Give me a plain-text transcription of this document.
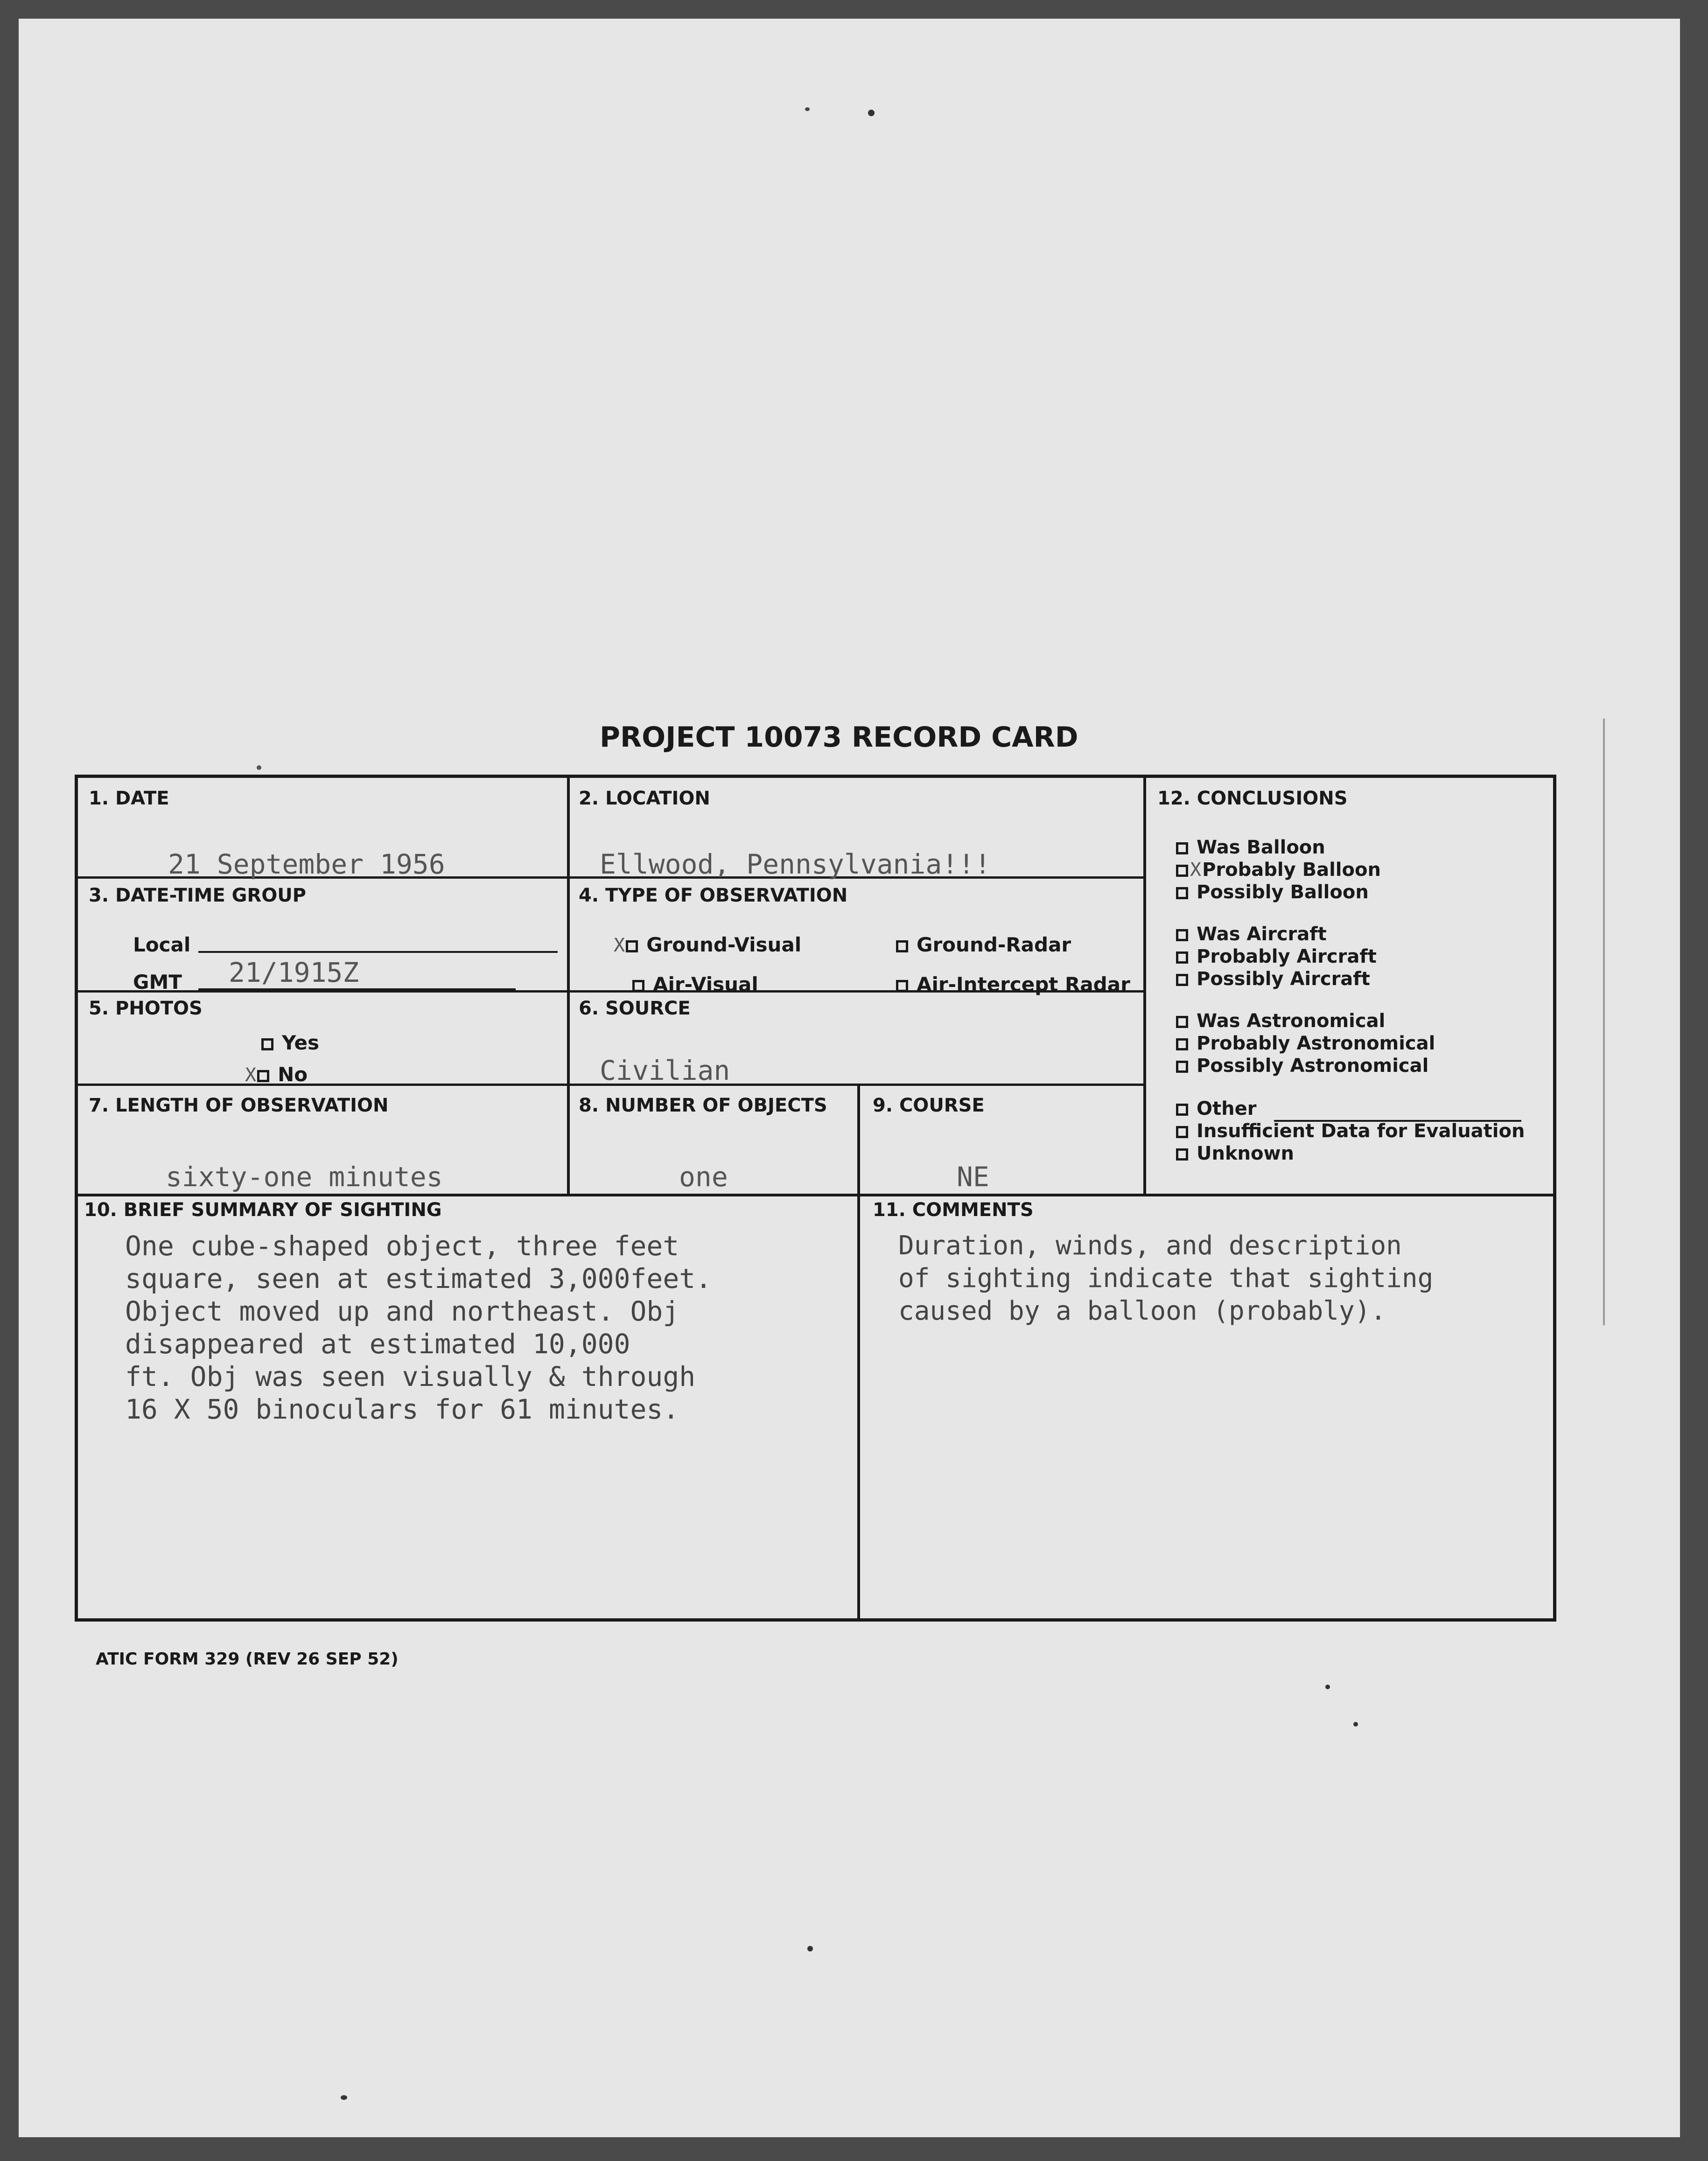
PROJECT 10073 RECORD CARD
1. DATE
21 September 1956
2. LOCATION
Ellwood, Pennsylvania!!!
3. DATE-TIME GROUP
Local
GMT 21/1915Z
4. TYPE OF OBSERVATION
X Ground-Visual	Ground-Radar
Air-Visual	Air-Intercept Radar
5. PHOTOS
Yes
X No
6. SOURCE
Civilian
7. LENGTH OF OBSERVATION
sixty-one minutes
8. NUMBER OF OBJECTS
one
9. COURSE
NE
10. BRIEF SUMMARY OF SIGHTING
One cube-shaped object, three feet
square, seen at estimated 3,000feet.
Object moved up and northeast. Obj
disappeared at estimated 10,000
ft. Obj was seen visually & through
16 X 50 binoculars for 61 minutes.
11. COMMENTS
Duration, winds, and description
of sighting indicate that sighting
caused by a balloon (probably).
12. CONCLUSIONS
Was Balloon
XProbably Balloon
Possibly Balloon
Was Aircraft
Probably Aircraft
Possibly Aircraft
Was Astronomical
Probably Astronomical
Possibly Astronomical
Other
Insufficient Data for Evaluation
Unknown
ATIC FORM 329 (REV 26 SEP 52)
